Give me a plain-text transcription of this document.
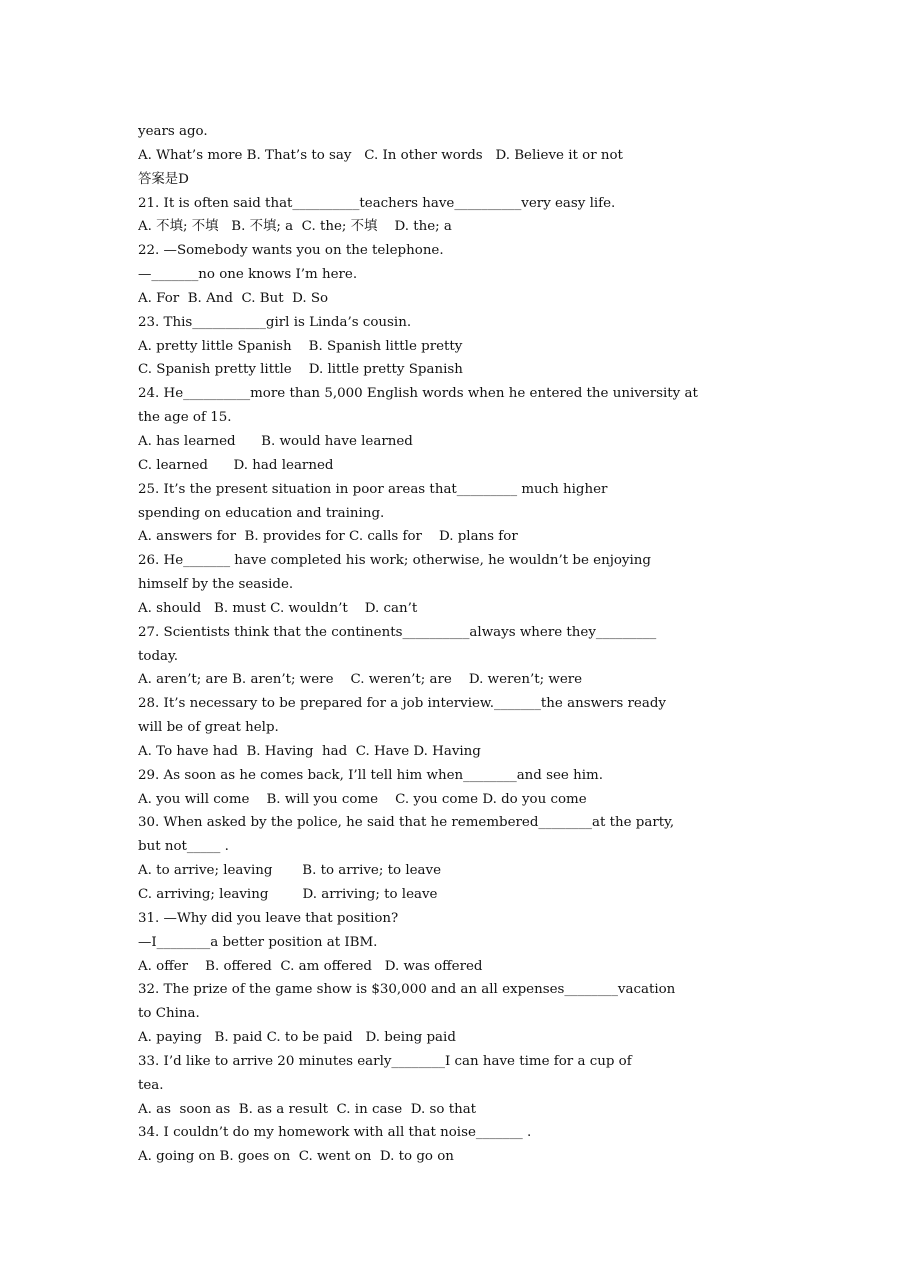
years ago.
A. What’s more B. That’s to say   C. In other words   D. Believe it or not
答案是D
21. It is often said that__________teachers have__________very easy life.
A. 不填; 不填   B. 不填; a  C. the; 不填    D. the; a
22. —Somebody wants you on the telephone.
—_______no one knows I’m here.
A. For  B. And  C. But  D. So
23. This___________girl is Linda’s cousin.
A. pretty little Spanish    B. Spanish little pretty
C. Spanish pretty little    D. little pretty Spanish
24. He__________more than 5,000 English words when he entered the university at
the age of 15.
A. has learned      B. would have learned
C. learned      D. had learned
25. It’s the present situation in poor areas that_________ much higher
spending on education and training.
A. answers for  B. provides for C. calls for    D. plans for
26. He_______ have completed his work; otherwise, he wouldn’t be enjoying
himself by the seaside.
A. should   B. must C. wouldn’t    D. can’t
27. Scientists think that the continents__________always where they_________
today.
A. aren’t; are B. aren’t; were    C. weren’t; are    D. weren’t; were
28. It’s necessary to be prepared for a job interview._______the answers ready
will be of great help.
A. To have had  B. Having  had  C. Have D. Having
29. As soon as he comes back, I’ll tell him when________and see him.
A. you will come    B. will you come    C. you come D. do you come
30. When asked by the police, he said that he remembered________at the party,
but not_____ .
A. to arrive; leaving       B. to arrive; to leave
C. arriving; leaving        D. arriving; to leave
31. —Why did you leave that position?
—I________a better position at IBM.
A. offer    B. offered  C. am offered   D. was offered
32. The prize of the game show is $30,000 and an all expenses________vacation
to China.
A. paying   B. paid C. to be paid   D. being paid
33. I’d like to arrive 20 minutes early________I can have time for a cup of
tea.
A. as  soon as  B. as a result  C. in case  D. so that
34. I couldn’t do my homework with all that noise_______ .
A. going on B. goes on  C. went on  D. to go on
